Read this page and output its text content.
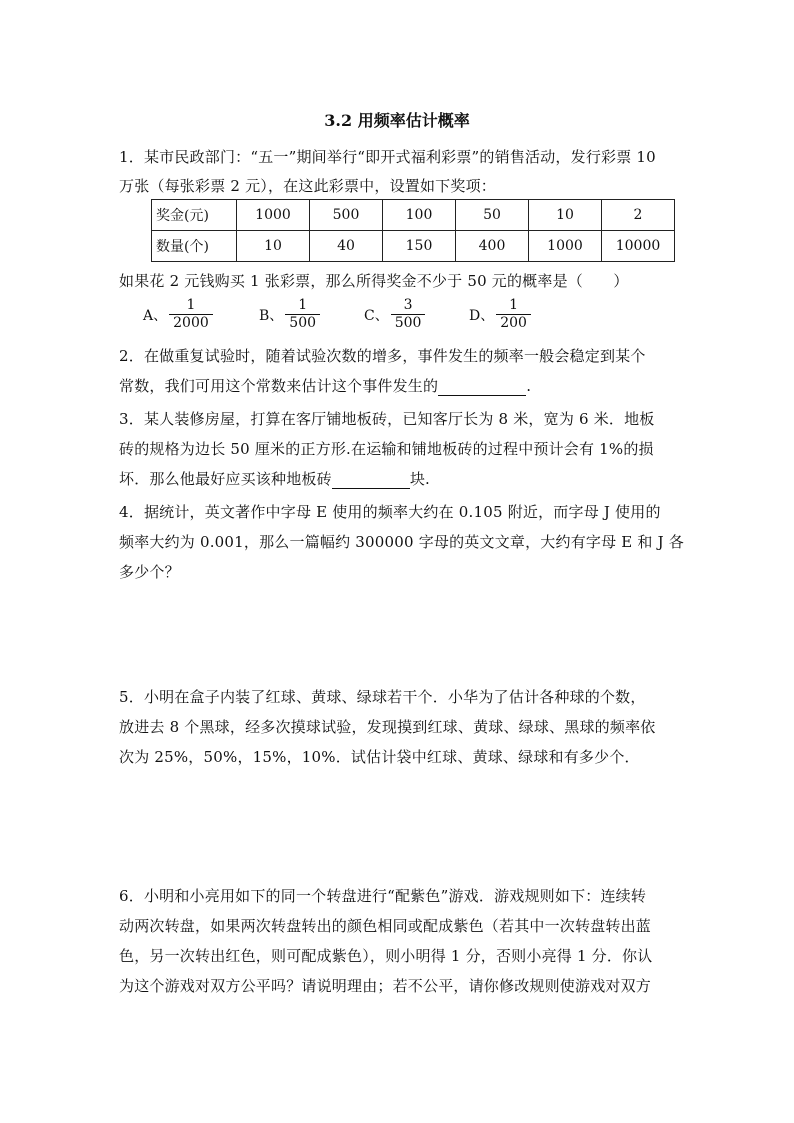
3.2 用频率估计概率
1．某市民政部门：“五一”期间举行“即开式福利彩票”的销售活动，发行彩票 10
万张（每张彩票 2 元），在这此彩票中，设置如下奖项：
奖金(元)	1000	500	100	50	10	2
数量(个)	10	40	150	400	1000	10000
如果花 2 元钱购买 1 张彩票，那么所得奖金不少于 50 元的概率是（　　）
A、 $\frac{1}{2000}$	B、 $\frac{1}{500}$	C、 $\frac{3}{500}$	D、 $\frac{1}{200}$
2．在做重复试验时，随着试验次数的增多，事件发生的频率一般会稳定到某个
常数，我们可用这个常数来估计这个事件发生的	.
3．某人装修房屋，打算在客厅铺地板砖，已知客厅长为 8 米，宽为 6 米．地板
砖的规格为边长 50 厘米的正方形.在运输和铺地板砖的过程中预计会有 1%的损
坏．那么他最好应买该种地板砖	块.
4．据统计，英文著作中字母 E 使用的频率大约在 0.105 附近，而字母 J 使用的
频率大约为 0.001，那么一篇幅约 300000 字母的英文文章，大约有字母 E 和 J 各
多少个？
5．小明在盒子内装了红球、黄球、绿球若干个．小华为了估计各种球的个数，
放进去 8 个黑球，经多次摸球试验，发现摸到红球、黄球、绿球、黑球的频率依
次为 25%，50%，15%，10%．试估计袋中红球、黄球、绿球和有多少个．
6．小明和小亮用如下的同一个转盘进行“配紫色”游戏．游戏规则如下：连续转
动两次转盘，如果两次转盘转出的颜色相同或配成紫色（若其中一次转盘转出蓝
色，另一次转出红色，则可配成紫色），则小明得 1 分，否则小亮得 1 分．你认
为这个游戏对双方公平吗？请说明理由；若不公平，请你修改规则使游戏对双方
